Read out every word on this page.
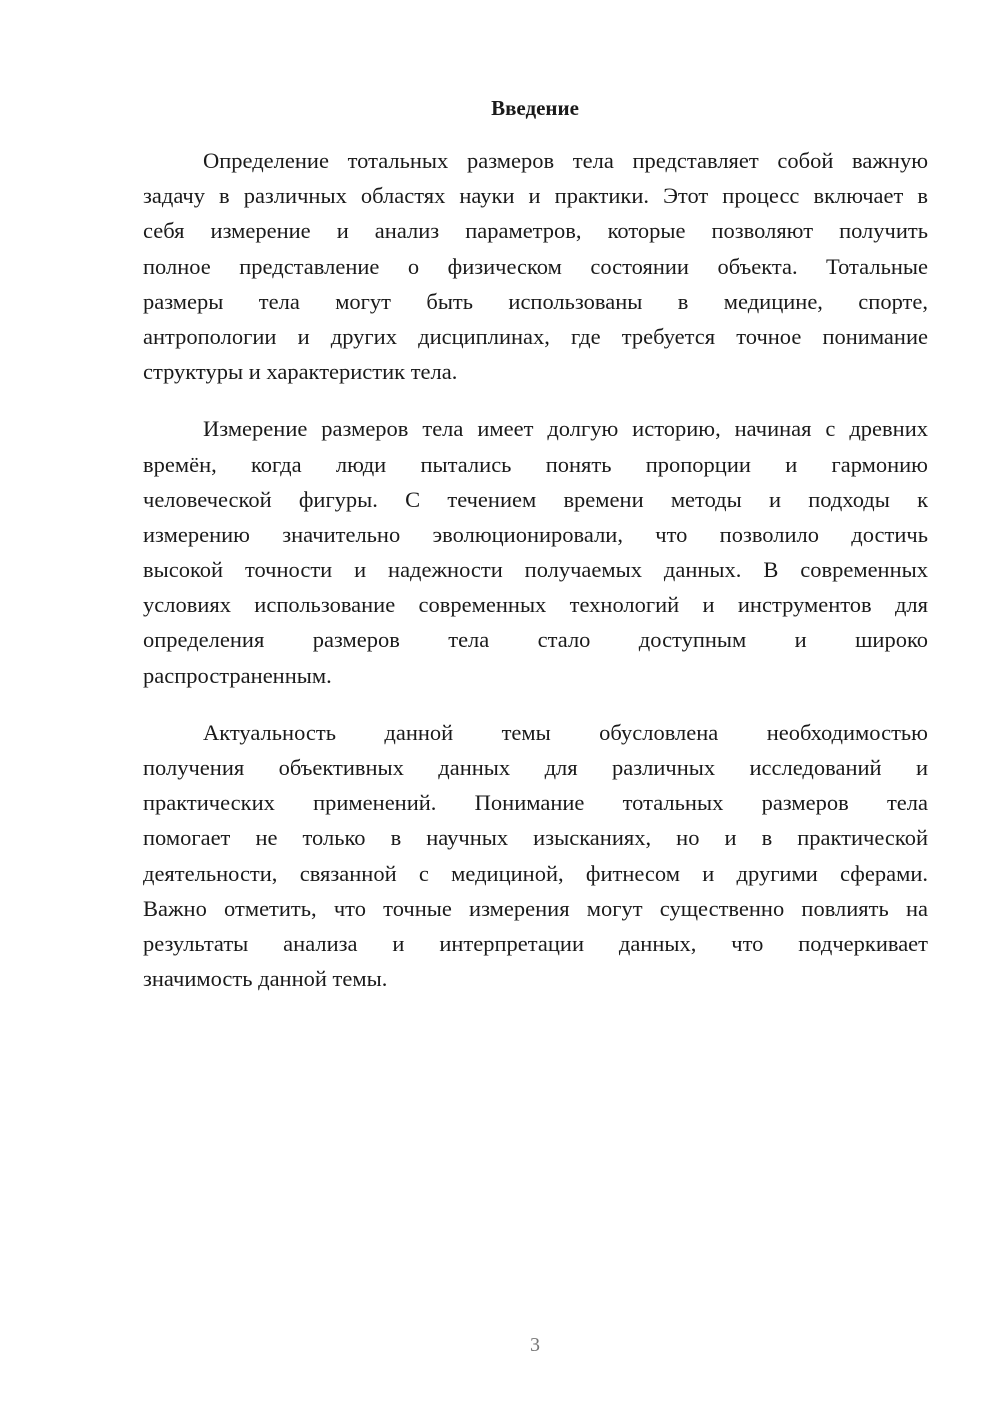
Введение
Определение тотальных размеров тела представляет собой важную
задачу в различных областях науки и практики. Этот процесс включает в
себя измерение и анализ параметров, которые позволяют получить
полное представление о физическом состоянии объекта. Тотальные
размеры тела могут быть использованы в медицине, спорте,
антропологии и других дисциплинах, где требуется точное понимание
структуры и характеристик тела.
Измерение размеров тела имеет долгую историю, начиная с древних
времён, когда люди пытались понять пропорции и гармонию
человеческой фигуры. С течением времени методы и подходы к
измерению значительно эволюционировали, что позволило достичь
высокой точности и надежности получаемых данных. В современных
условиях использование современных технологий и инструментов для
определения размеров тела стало доступным и широко
распространенным.
Актуальность данной темы обусловлена необходимостью
получения объективных данных для различных исследований и
практических применений. Понимание тотальных размеров тела
помогает не только в научных изысканиях, но и в практической
деятельности, связанной с медициной, фитнесом и другими сферами.
Важно отметить, что точные измерения могут существенно повлиять на
результаты анализа и интерпретации данных, что подчеркивает
значимость данной темы.
3
